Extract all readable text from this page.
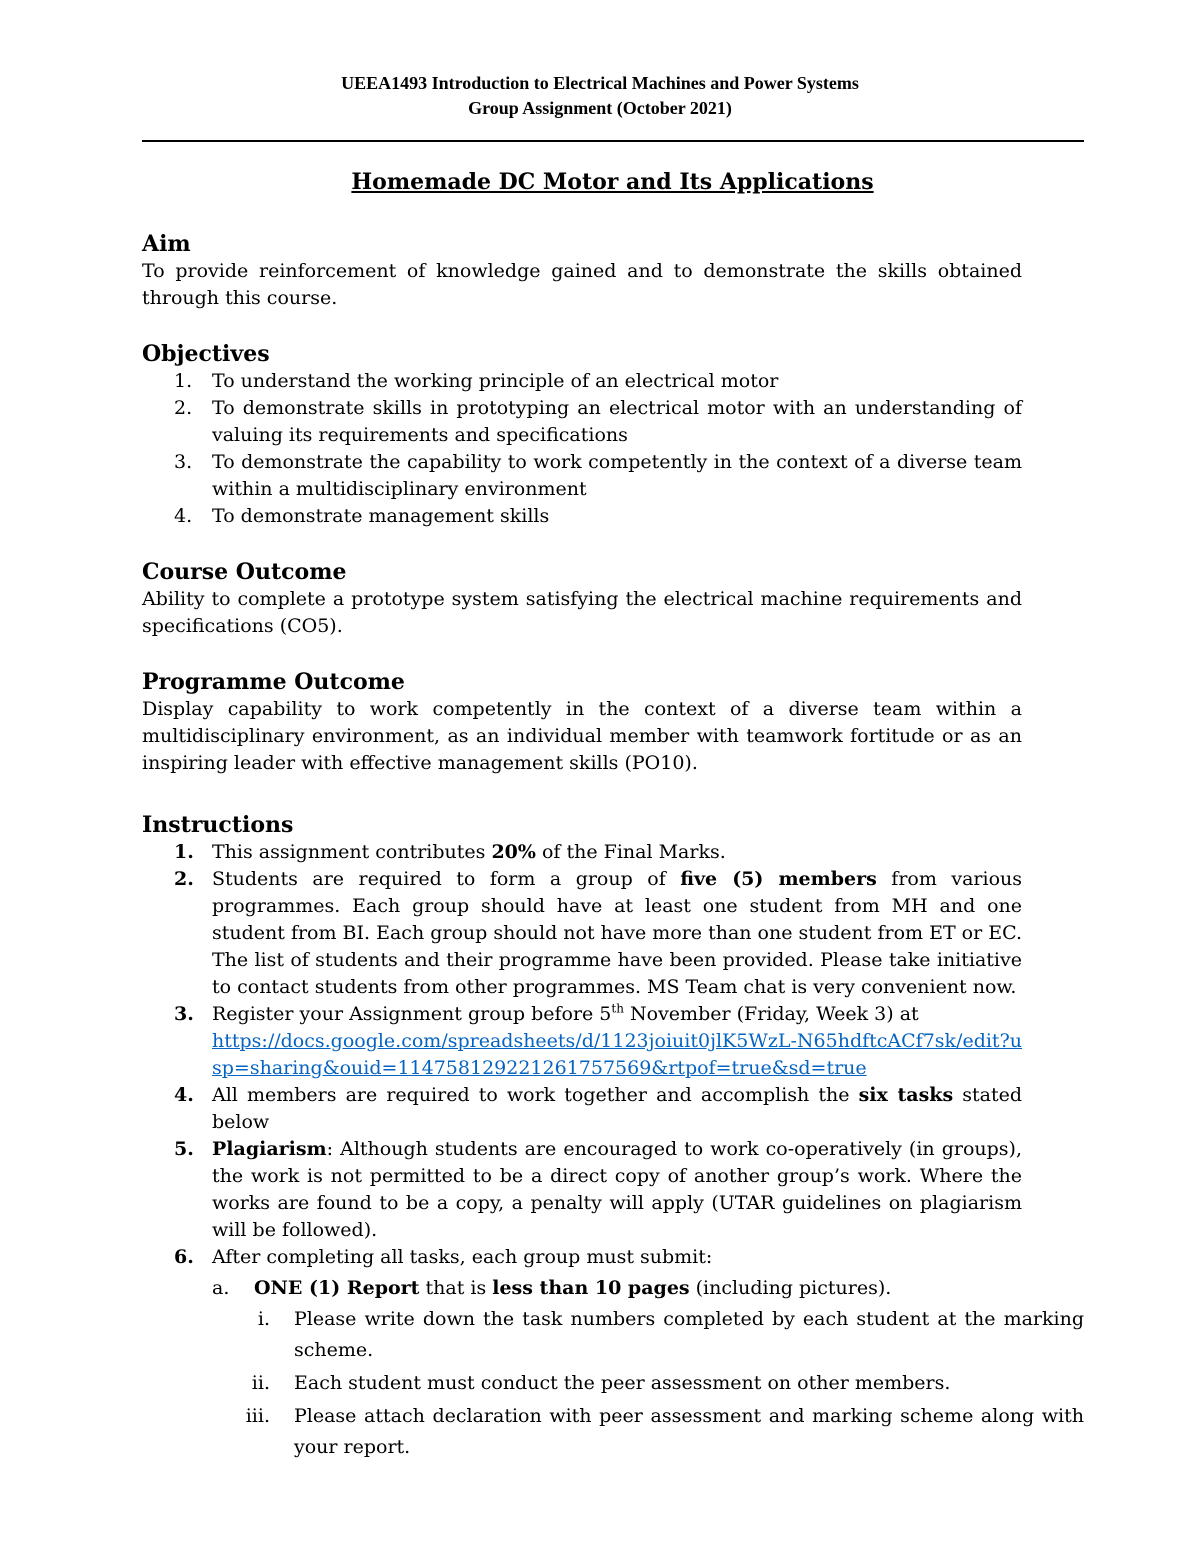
UEEA1493 Introduction to Electrical Machines and Power Systems
Group Assignment (October 2021)
Homemade DC Motor and Its Applications
Aim

To provide reinforcement of knowledge gained and to demonstrate the skills obtained through this course.

Objectives
1. To understand the working principle of an electrical motor
2. To demonstrate skills in prototyping an electrical motor with an understanding of valuing its requirements and specifications
3. To demonstrate the capability to work competently in the context of a diverse team within a multidisciplinary environment
4. To demonstrate management skills
Course Outcome

Ability to complete a prototype system satisfying the electrical machine requirements and specifications (CO5).

Programme Outcome

Display capability to work competently in the context of a diverse team within a multidisciplinary environment, as an individual member with teamwork fortitude or as an inspiring leader with effective management skills (PO10).

Instructions
1. This assignment contributes 20% of the Final Marks.
2. Students are required to form a group of five (5) members from various programmes. Each group should have at least one student from MH and one student from BI. Each group should not have more than one student from ET or EC. The list of students and their programme have been provided. Please take initiative to contact students from other programmes. MS Team chat is very convenient now.
3. Register your Assignment group before 5th November (Friday, Week 3) at
https://docs.google.com/spreadsheets/d/1123joiuit0jlK5WzL-N65hdftcACf7sk/edit?usp=sharing&ouid=114758129221261757569&rtpof=true&sd=true
4. All members are required to work together and accomplish the six tasks stated below
5. Plagiarism: Although students are encouraged to work co-operatively (in groups), the work is not permitted to be a direct copy of another group’s work. Where the works are found to be a copy, a penalty will apply (UTAR guidelines on plagiarism will be followed).
6. After completing all tasks, each group must submit:
a. ONE (1) Report that is less than 10 pages (including pictures).
i. Please write down the task numbers completed by each student at the marking scheme.
ii. Each student must conduct the peer assessment on other members.
iii. Please attach declaration with peer assessment and marking scheme along with your report.
